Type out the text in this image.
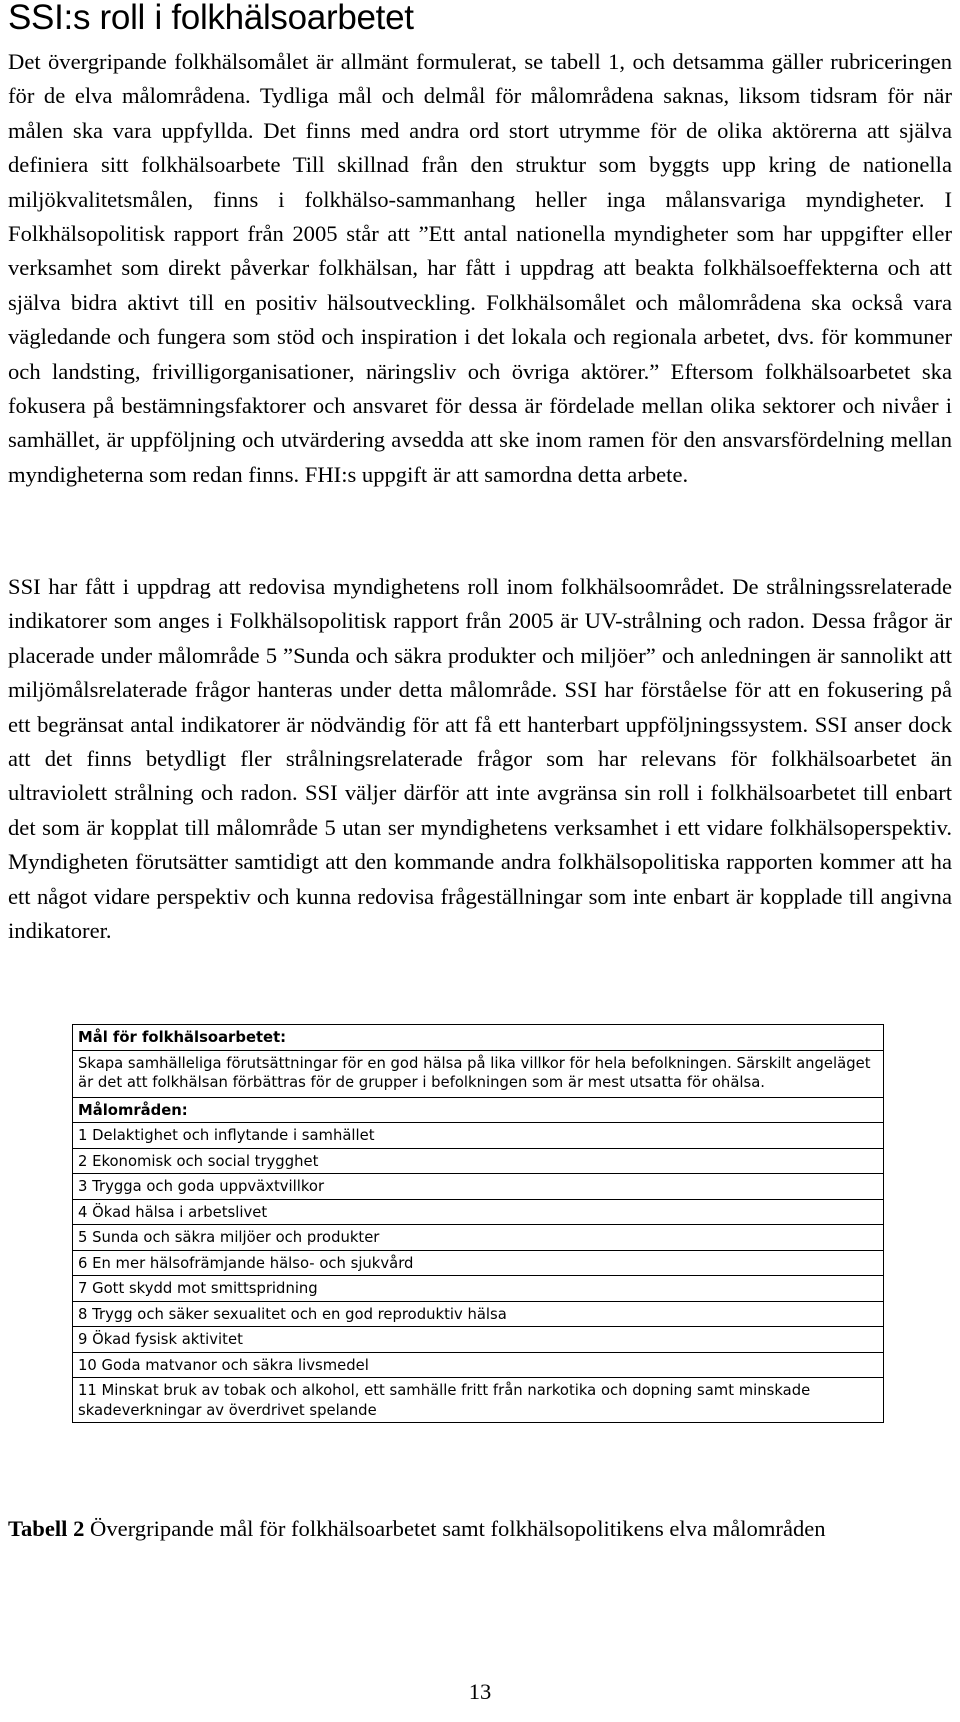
SSI:s roll i folkhälsoarbetet

Det övergripande folkhälsomålet är allmänt formulerat, se tabell 1, och detsamma gäller rubriceringen för de elva målområdena. Tydliga mål och delmål för målområdena saknas, liksom tidsram för när målen ska vara uppfyllda. Det finns med andra ord stort utrymme för de olika aktörerna att själva definiera sitt folkhälsoarbete Till skillnad från den struktur som byggts upp kring de nationella miljökvalitetsmålen, finns i folkhälso-sammanhang heller inga målansvariga myndigheter. I Folkhälsopolitisk rapport från 2005 står att ”Ett antal nationella myndigheter som har uppgifter eller verksamhet som direkt påverkar folkhälsan, har fått i uppdrag att beakta folkhälsoeffekterna och att själva bidra aktivt till en positiv hälsoutveckling. Folkhälsomålet och målområdena ska också vara vägledande och fungera som stöd och inspiration i det lokala och regionala arbetet, dvs. för kommuner och landsting, frivilligorganisationer, näringsliv och övriga aktörer.” Eftersom folkhälsoarbetet ska fokusera på bestämningsfaktorer och ansvaret för dessa är fördelade mellan olika sektorer och nivåer i samhället, är uppföljning och utvärdering avsedda att ske inom ramen för den ansvarsfördelning mellan myndigheterna som redan finns. FHI:s uppgift är att samordna detta arbete.

SSI har fått i uppdrag att redovisa myndighetens roll inom folkhälsoområdet. De strålningssrelaterade indikatorer som anges i Folkhälsopolitisk rapport från 2005 är UV-strålning och radon. Dessa frågor är placerade under målområde 5 ”Sunda och säkra produkter och miljöer” och anledningen är sannolikt att miljömålsrelaterade frågor hanteras under detta målområde. SSI har förståelse för att en fokusering på ett begränsat antal indikatorer är nödvändig för att få ett hanterbart uppföljningssystem. SSI anser dock att det finns betydligt fler strålningsrelaterade frågor som har relevans för folkhälsoarbetet än ultraviolett strålning och radon. SSI väljer därför att inte avgränsa sin roll i folkhälsoarbetet till enbart det som är kopplat till målområde 5 utan ser myndighetens verksamhet i ett vidare folkhälsoperspektiv. Myndigheten förutsätter samtidigt att den kommande andra folkhälsopolitiska rapporten kommer att ha ett något vidare perspektiv och kunna redovisa frågeställningar som inte enbart är kopplade till angivna indikatorer.

Mål för folkhälsoarbetet:
Skapa samhälleliga förutsättningar för en god hälsa på lika villkor för hela befolkningen. Särskilt angeläget är det att folkhälsan förbättras för de grupper i befolkningen som är mest utsatta för ohälsa.
Målområden:
1 Delaktighet och inflytande i samhället
2 Ekonomisk och social trygghet
3 Trygga och goda uppväxtvillkor
4 Ökad hälsa i arbetslivet
5 Sunda och säkra miljöer och produkter
6 En mer hälsofrämjande hälso- och sjukvård
7 Gott skydd mot smittspridning
8 Trygg och säker sexualitet och en god reproduktiv hälsa
9 Ökad fysisk aktivitet
10 Goda matvanor och säkra livsmedel
11 Minskat bruk av tobak och alkohol, ett samhälle fritt från narkotika och dopning samt minskade skadeverkningar av överdrivet spelande

Tabell 2 Övergripande mål för folkhälsoarbetet samt folkhälsopolitikens elva målområden

13
